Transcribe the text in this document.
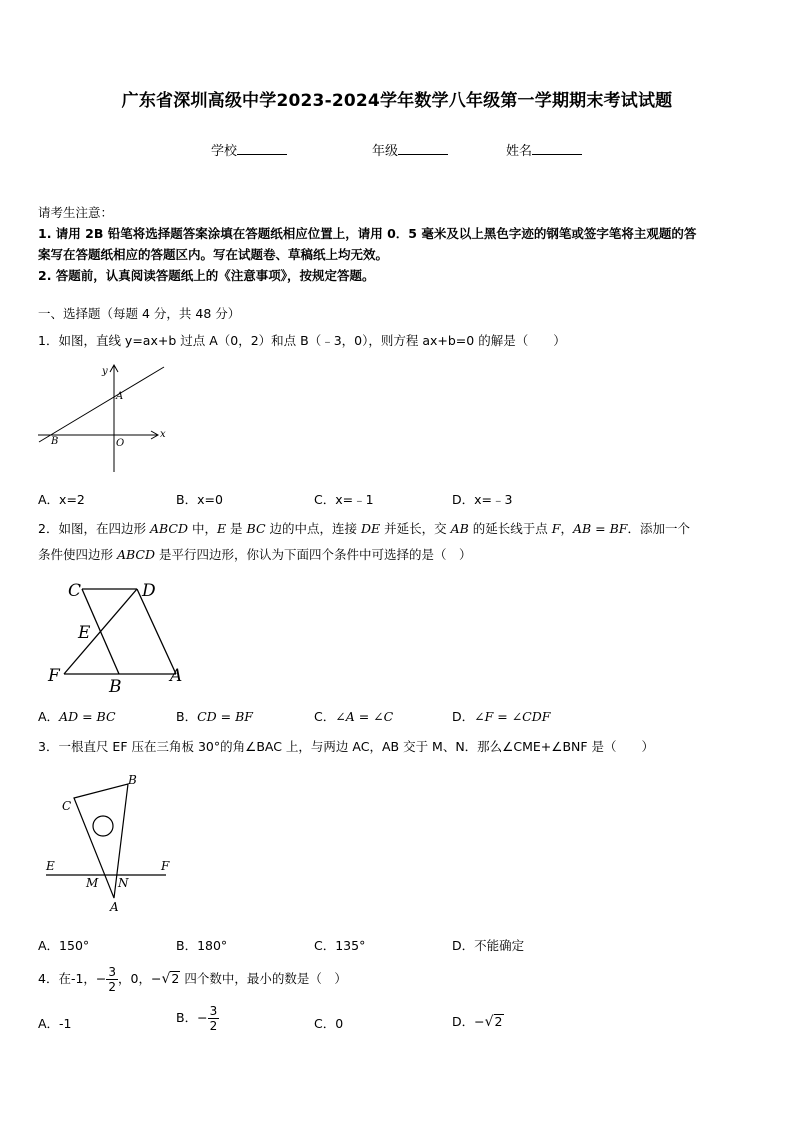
广东省深圳高级中学2023-2024学年数学八年级第一学期期末考试试题
学校	年级	姓名
请考生注意：
1. 请用 2B 铅笔将选择题答案涂填在答题纸相应位置上，请用 0．5 毫米及以上黑色字迹的钢笔或签字笔将主观题的答
案写在答题纸相应的答题区内。写在试题卷、草稿纸上均无效。
2. 答题前，认真阅读答题纸上的《注意事项》，按规定答题。
一、选择题（每题 4 分，共 48 分）
1．如图，直线 y=ax+b 过点 A（0，2）和点 B（﹣3，0），则方程 ax+b=0 的解是（　　）
y
x
A
B	O
A．x=2	B．x=0	C．x=﹣1	D．x=﹣3
2．如图，在四边形 ABCD 中，E 是 BC 边的中点，连接 DE 并延长，交 AB 的延长线于点 F，AB = BF．添加一个
条件使四边形 ABCD 是平行四边形，你认为下面四个条件中可选择的是（　）
C	D
E
F
B
A
A．AD = BC	B．CD = BF	C．∠A = ∠C	D．∠F = ∠CDF
3．一根直尺 EF 压在三角板 30°的角∠BAC 上，与两边 AC，AB 交于 M、N．那么∠CME+∠BNF 是（　　）
B
C
E	F
M N
A
A．150°	B．180°	C．135°	D．不能确定
4．在-1，− $\frac{3}{2}$ ，0，−√2 四个数中，最小的数是（　）
A．-1	B．− $\frac{3}{2}$	C．0	D．−√2
